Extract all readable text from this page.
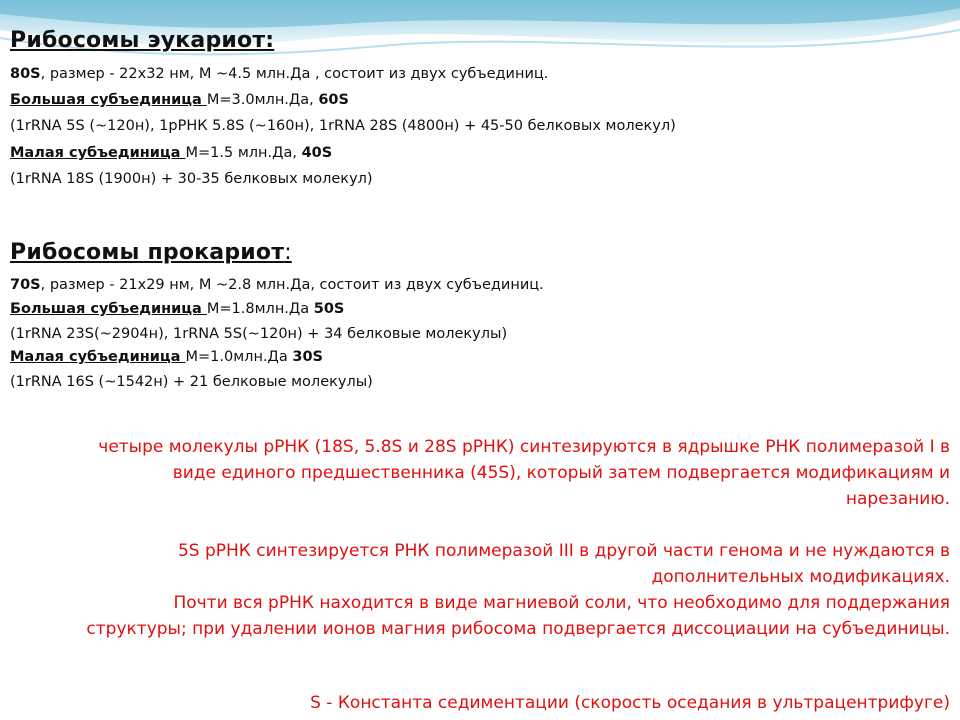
Рибосомы эукариот:

80S, размер - 22х32 нм, М ~4.5 млн.Да , состоит из двух субъединиц.

Большая субъединица М=3.0млн.Да, 60S

(1rRNA 5S (~120н), 1рРНК 5.8S (~160н), 1rRNA 28S (4800н) + 45-50 белковых молекул)

Малая субъединица М=1.5 млн.Да, 40S

(1rRNA 18S (1900н) + 30-35 белковых молекул)

Рибосомы прокариот:

70S, размер - 21х29 нм, М ~2.8 млн.Да, состоит из двух субъединиц.

Большая субъединица М=1.8млн.Да 50S

(1rRNA 23S(~2904н), 1rRNA 5S(~120н) + 34 белковые молекулы)

Малая субъединица М=1.0млн.Да 30S

(1rRNA 16S (~1542н) + 21 белковые молекулы)

четыре молекулы рРНК (18S, 5.8S и 28S рРНК) синтезируются в ядрышке РНК полимеразой I в виде единого предшественника (45S), который затем подвергается модификациям и нарезанию.

5S рРНК синтезируется РНК полимеразой III в другой части генома и не нуждаются в дополнительных модификациях.

Почти вся рРНК находится в виде магниевой соли, что необходимо для поддержания структуры; при удалении ионов магния рибосома подвергается диссоциации на субъединицы.

S - Константа седиментации (скорость оседания в ультрацентрифуге)
